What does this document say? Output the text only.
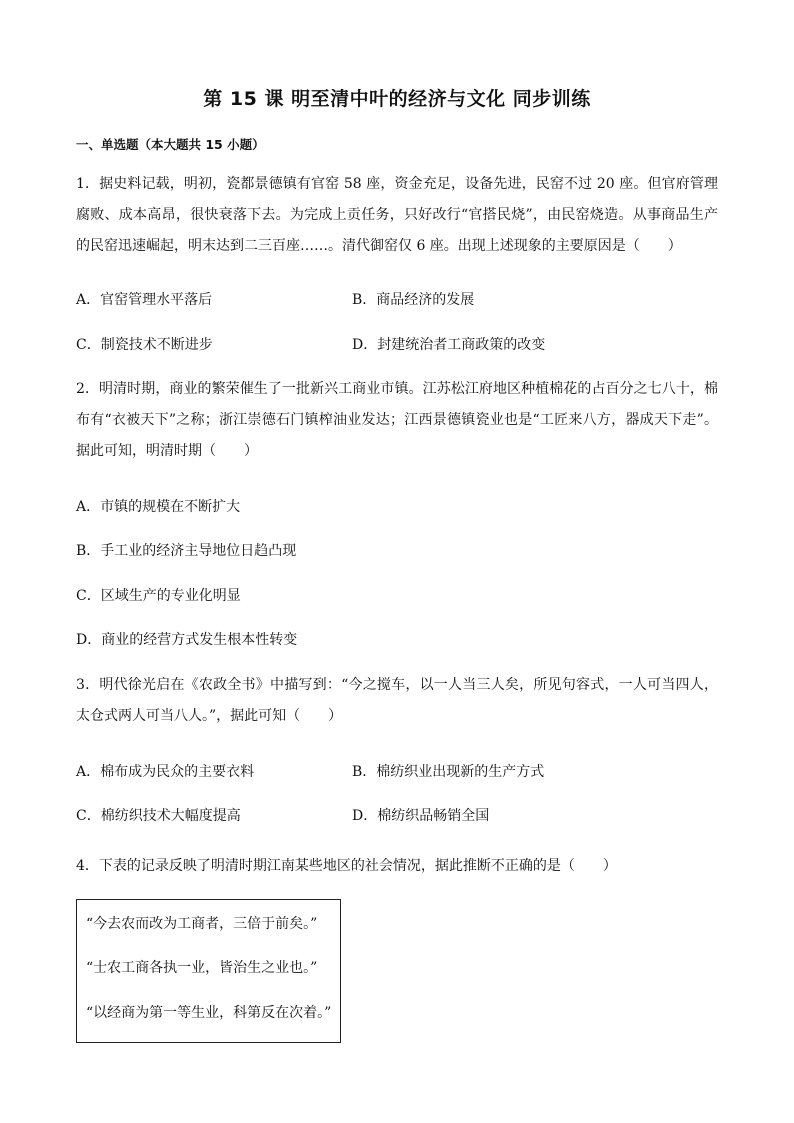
第 15 课 明至清中叶的经济与文化 同步训练
一、单选题（本大题共 15 小题）
1．据史料记载，明初，瓷都景德镇有官窑 58 座，资金充足，设备先进，民窑不过 20 座。但官府管理腐败、成本高昂，很快衰落下去。为完成上贡任务，只好改行“官搭民烧”，由民窑烧造。从事商品生产的民窑迅速崛起，明末达到二三百座……。清代御窑仅 6 座。出现上述现象的主要原因是（　　）
A．官窑管理水平落后	B．商品经济的发展
C．制瓷技术不断进步	D．封建统治者工商政策的改变
2．明清时期，商业的繁荣催生了一批新兴工商业市镇。江苏松江府地区种植棉花的占百分之七八十，棉布有“衣被天下”之称；浙江崇德石门镇榨油业发达；江西景德镇瓷业也是“工匠来八方，器成天下走”。据此可知，明清时期（　　）
A．市镇的规模在不断扩大
B．手工业的经济主导地位日趋凸现
C．区域生产的专业化明显
D．商业的经营方式发生根本性转变
3．明代徐光启在《农政全书》中描写到：“今之搅车，以一人当三人矣，所见句容式，一人可当四人，太仓式两人可当八人。”，据此可知（　　）
A．棉布成为民众的主要衣料	B．棉纺织业出现新的生产方式
C．棉纺织技术大幅度提高	D．棉纺织品畅销全国
4．下表的记录反映了明清时期江南某些地区的社会情况，据此推断不正确的是（　　）
“今去农而改为工商者，三倍于前矣。”
“士农工商各执一业，皆治生之业也。”
“以经商为第一等生业，科第反在次着。”
